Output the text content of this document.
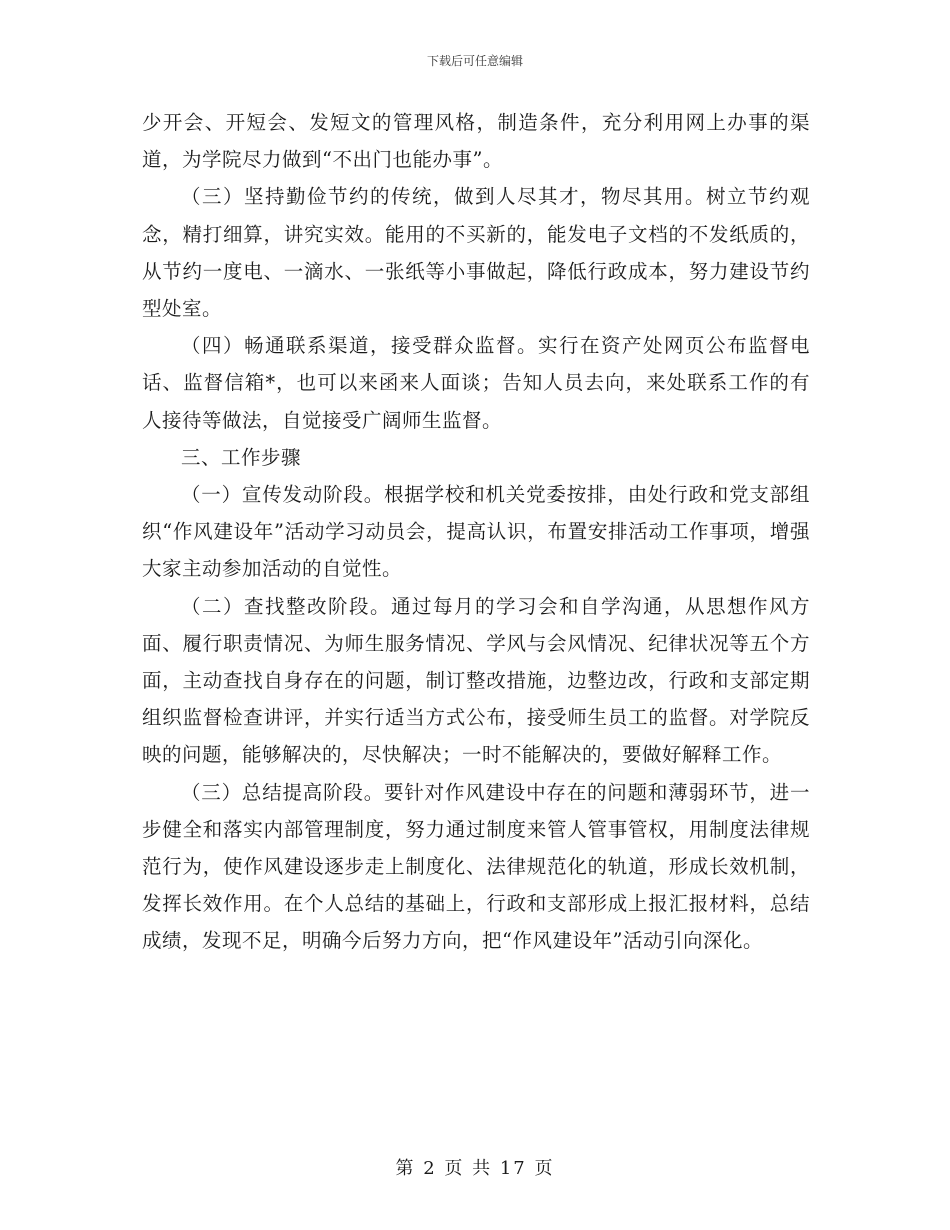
下载后可任意编辑

少开会、开短会、发短文的管理风格，制造条件，充分利用网上办事的渠道，为学院尽力做到“不出门也能办事”。

（三）坚持勤俭节约的传统，做到人尽其才，物尽其用。树立节约观念，精打细算，讲究实效。能用的不买新的，能发电子文档的不发纸质的，从节约一度电、一滴水、一张纸等小事做起，降低行政成本，努力建设节约型处室。

（四）畅通联系渠道，接受群众监督。实行在资产处网页公布监督电话、监督信箱*，也可以来函来人面谈；告知人员去向，来处联系工作的有人接待等做法，自觉接受广阔师生监督。

三、工作步骤

（一）宣传发动阶段。根据学校和机关党委按排，由处行政和党支部组织“作风建设年”活动学习动员会，提高认识，布置安排活动工作事项，增强大家主动参加活动的自觉性。

（二）查找整改阶段。通过每月的学习会和自学沟通，从思想作风方面、履行职责情况、为师生服务情况、学风与会风情况、纪律状况等五个方面，主动查找自身存在的问题，制订整改措施，边整边改，行政和支部定期组织监督检查讲评，并实行适当方式公布，接受师生员工的监督。对学院反映的问题，能够解决的，尽快解决；一时不能解决的，要做好解释工作。

（三）总结提高阶段。要针对作风建设中存在的问题和薄弱环节，进一步健全和落实内部管理制度，努力通过制度来管人管事管权，用制度法律规范行为，使作风建设逐步走上制度化、法律规范化的轨道，形成长效机制，发挥长效作用。在个人总结的基础上，行政和支部形成上报汇报材料，总结成绩，发现不足，明确今后努力方向，把“作风建设年”活动引向深化。

第 2 页 共 17 页
